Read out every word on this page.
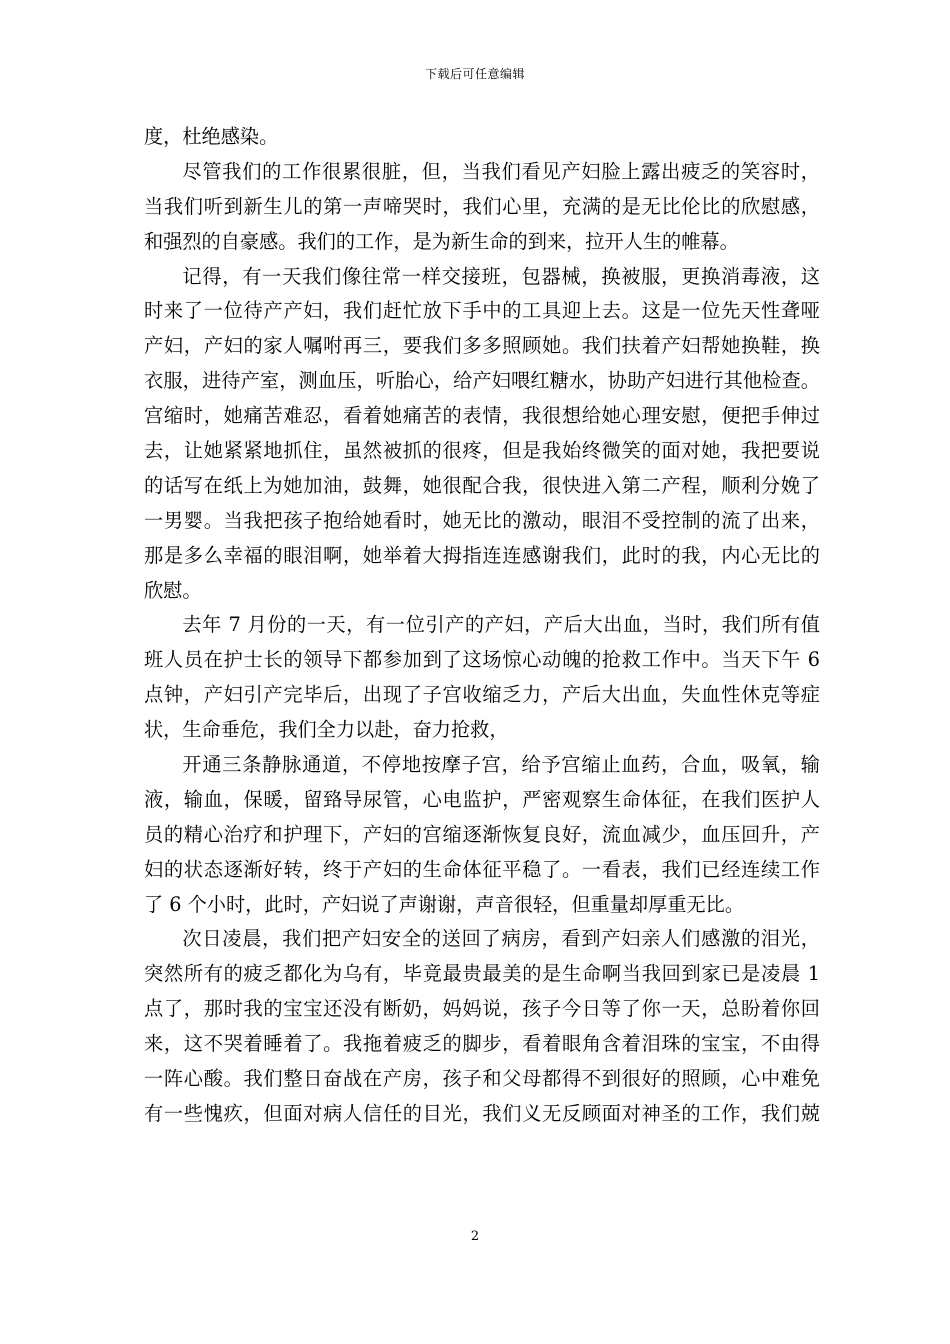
下载后可任意编辑
度，杜绝感染。
尽管我们的工作很累很脏，但，当我们看见产妇脸上露出疲乏的笑容时，
当我们听到新生儿的第一声啼哭时，我们心里，充满的是无比伦比的欣慰感，
和强烈的自豪感。我们的工作，是为新生命的到来，拉开人生的帷幕。
记得，有一天我们像往常一样交接班，包器械，换被服，更换消毒液，这
时来了一位待产产妇，我们赶忙放下手中的工具迎上去。这是一位先天性聋哑
产妇，产妇的家人嘱咐再三，要我们多多照顾她。我们扶着产妇帮她换鞋，换
衣服，进待产室，测血压，听胎心，给产妇喂红糖水，协助产妇进行其他检查。
宫缩时，她痛苦难忍，看着她痛苦的表情，我很想给她心理安慰，便把手伸过
去，让她紧紧地抓住，虽然被抓的很疼，但是我始终微笑的面对她，我把要说
的话写在纸上为她加油，鼓舞，她很配合我，很快进入第二产程，顺利分娩了
一男婴。当我把孩子抱给她看时，她无比的激动，眼泪不受控制的流了出来，
那是多么幸福的眼泪啊，她举着大拇指连连感谢我们，此时的我，内心无比的
欣慰。
去年 7 月份的一天，有一位引产的产妇，产后大出血，当时，我们所有值
班人员在护士长的领导下都参加到了这场惊心动魄的抢救工作中。当天下午 6
点钟，产妇引产完毕后，出现了子宫收缩乏力，产后大出血，失血性休克等症
状，生命垂危，我们全力以赴，奋力抢救，
开通三条静脉通道，不停地按摩子宫，给予宫缩止血药，合血，吸氧，输
液，输血，保暖，留臵导尿管，心电监护，严密观察生命体征，在我们医护人
员的精心治疗和护理下，产妇的宫缩逐渐恢复良好，流血减少，血压回升，产
妇的状态逐渐好转，终于产妇的生命体征平稳了。一看表，我们已经连续工作
了 6 个小时，此时，产妇说了声谢谢，声音很轻，但重量却厚重无比。
次日凌晨，我们把产妇安全的送回了病房，看到产妇亲人们感激的泪光，
突然所有的疲乏都化为乌有，毕竟最贵最美的是生命啊当我回到家已是凌晨 1
点了，那时我的宝宝还没有断奶，妈妈说，孩子今日等了你一天，总盼着你回
来，这不哭着睡着了。我拖着疲乏的脚步，看着眼角含着泪珠的宝宝，不由得
一阵心酸。我们整日奋战在产房，孩子和父母都得不到很好的照顾，心中难免
有一些愧疚，但面对病人信任的目光，我们义无反顾面对神圣的工作，我们兢
2
